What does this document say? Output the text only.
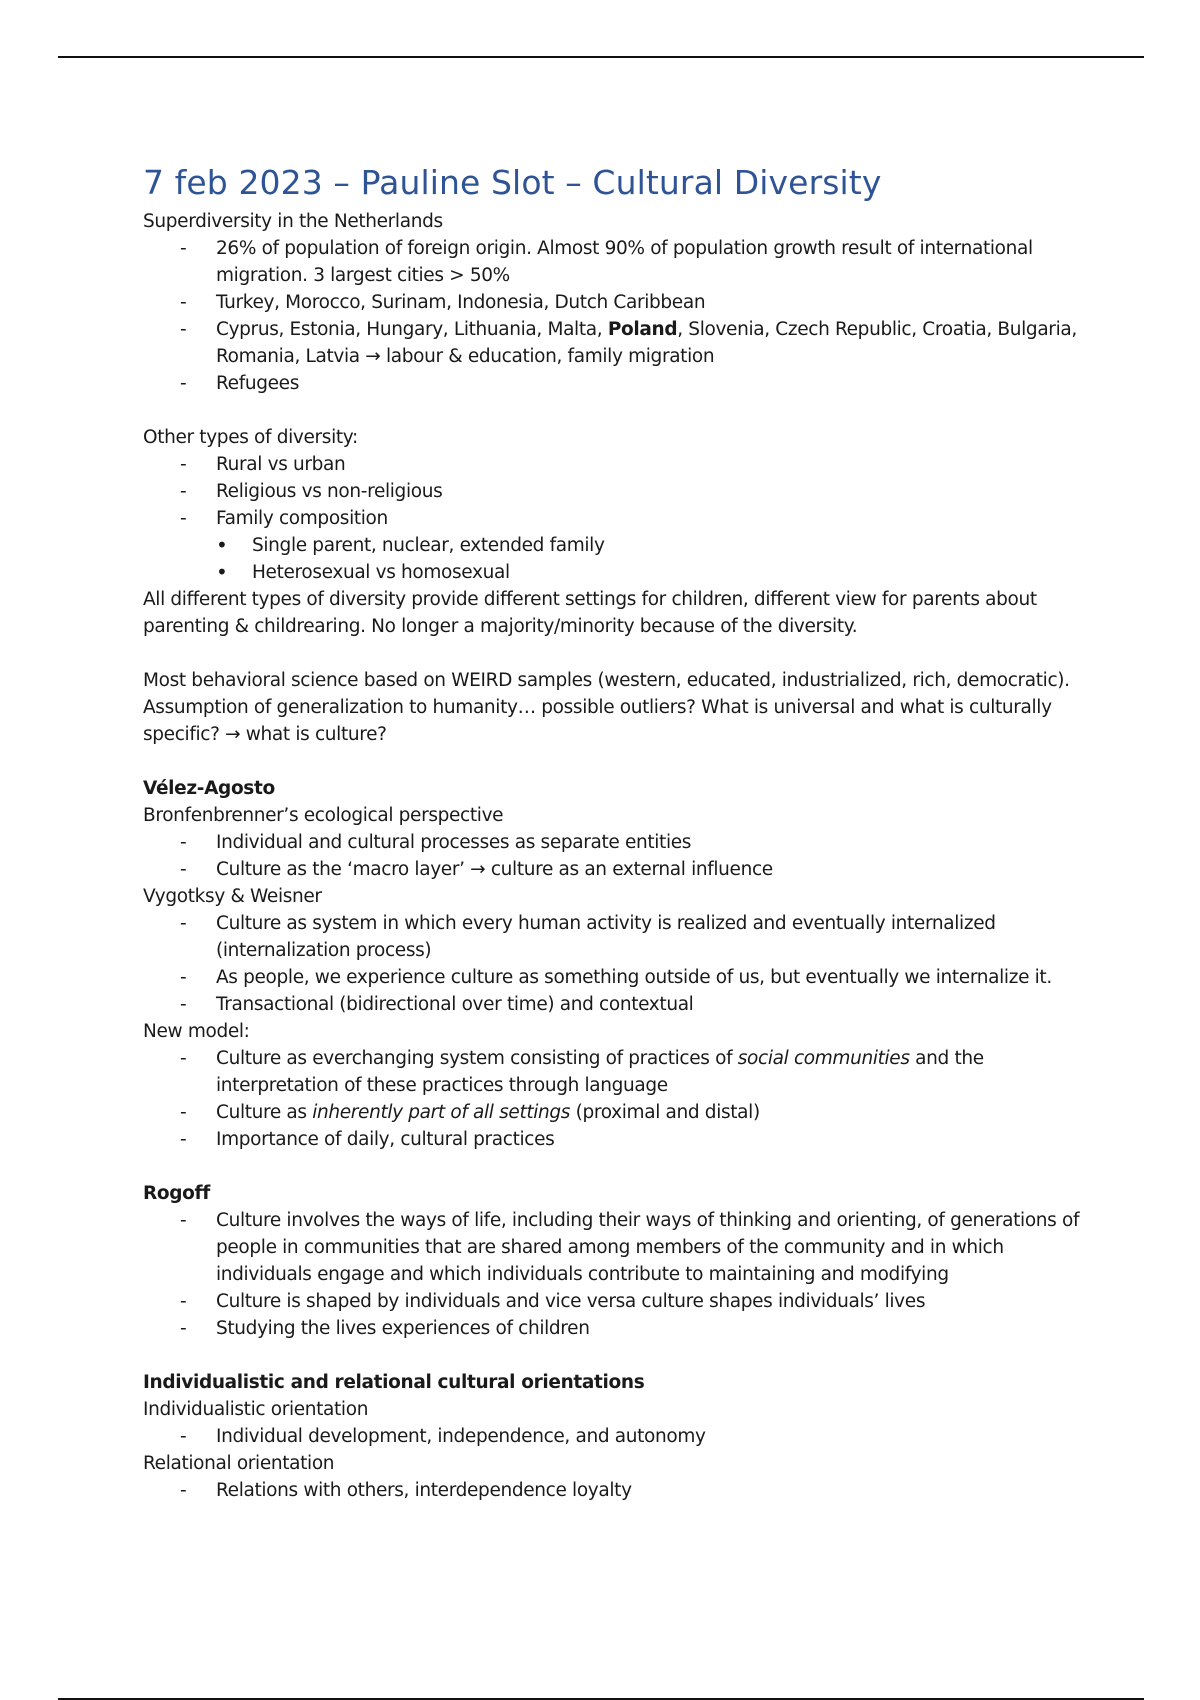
7 feb 2023 – Pauline Slot – Cultural Diversity

Superdiversity in the Netherlands

- 26% of population of foreign origin. Almost 90% of population growth result of international migration. 3 largest cities > 50%
- Turkey, Morocco, Surinam, Indonesia, Dutch Caribbean
- Cyprus, Estonia, Hungary, Lithuania, Malta, Poland, Slovenia, Czech Republic, Croatia, Bulgaria, Romania, Latvia → labour & education, family migration
- Refugees

Other types of diversity:

- Rural vs urban
- Religious vs non-religious
- Family composition
• Single parent, nuclear, extended family
• Heterosexual vs homosexual

All different types of diversity provide different settings for children, different view for parents about parenting & childrearing. No longer a majority/minority because of the diversity.

Most behavioral science based on WEIRD samples (western, educated, industrialized, rich, democratic). Assumption of generalization to humanity… possible outliers? What is universal and what is culturally specific? → what is culture?

Vélez-Agosto

Bronfenbrenner’s ecological perspective

- Individual and cultural processes as separate entities
- Culture as the ‘macro layer’ → culture as an external influence

Vygotksy & Weisner

- Culture as system in which every human activity is realized and eventually internalized (internalization process)
- As people, we experience culture as something outside of us, but eventually we internalize it.
- Transactional (bidirectional over time) and contextual

New model:

- Culture as everchanging system consisting of practices of social communities and the interpretation of these practices through language
- Culture as inherently part of all settings (proximal and distal)
- Importance of daily, cultural practices

Rogoff

- Culture involves the ways of life, including their ways of thinking and orienting, of generations of people in communities that are shared among members of the community and in which individuals engage and which individuals contribute to maintaining and modifying
- Culture is shaped by individuals and vice versa culture shapes individuals’ lives
- Studying the lives experiences of children

Individualistic and relational cultural orientations

Individualistic orientation

- Individual development, independence, and autonomy

Relational orientation

- Relations with others, interdependence loyalty
